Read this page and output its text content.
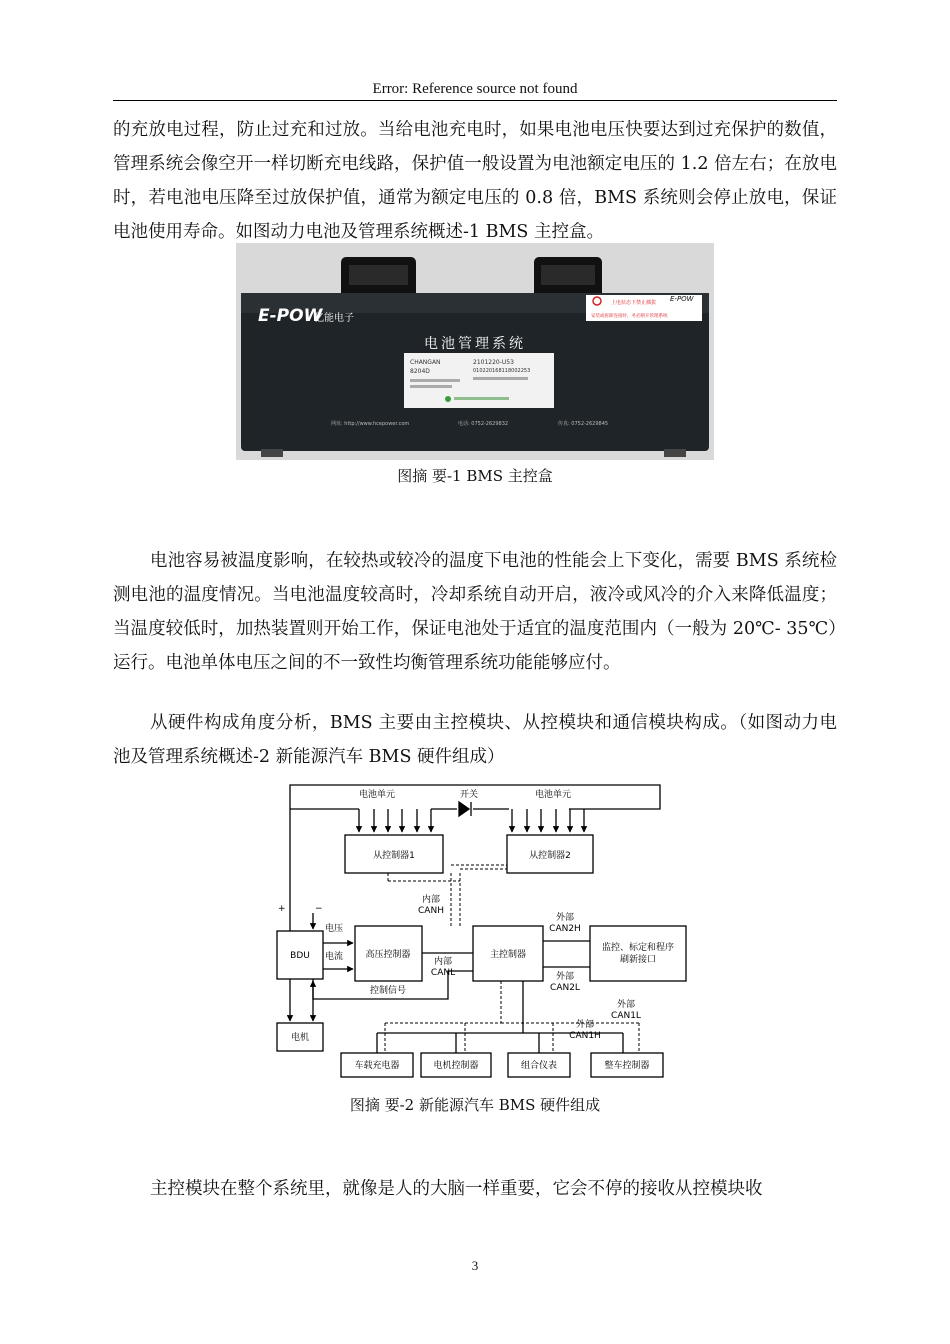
Error: Reference source not found

的充放电过程，防止过充和过放。当给电池充电时，如果电池电压快要达到过充保护的数值，管理系统会像空开一样切断充电线路，保护值一般设置为电池额定电压的 1.2 倍左右；在放电时，若电池电压降至过放保护值，通常为额定电压的 0.8 倍，BMS 系统则会停止放电，保证电池使用寿命。如图动力电池及管理系统概述-1 BMS 主控盒。

E-POW
亿能电子
上电状态下禁止插拔
安装或拆卸连接时，务必断开管理系统
E-POW
电池管理系统
CHANGAN
8204D
2101220-U53
010220168118002253
网址: http://www.hcepower.com	电话: 0752-2629832	传真: 0752-2629845
图摘 要-1 BMS 主控盒

电池容易被温度影响，在较热或较冷的温度下电池的性能会上下变化，需要 BMS 系统检测电池的温度情况。当电池温度较高时，冷却系统自动开启，液冷或风冷的介入来降低温度；当温度较低时，加热装置则开始工作，保证电池处于适宜的温度范围内（一般为 20℃- 35℃）运行。电池单体电压之间的不一致性均衡管理系统功能能够应付。

从硬件构成角度分析，BMS 主要由主控模块、从控模块和通信模块构成。（如图动力电池及管理系统概述-2 新能源汽车 BMS 硬件组成）

电池单元	开关	电池单元
从控制器1	从控制器2
内部
CANH
+	−
电压
电流
BDU	高压控制器
内部
CANL
主控制器
外部
CAN2H
外部
CAN2L
监控、标定和程序
刷新接口
控制信号
外部
CAN1L
外部
CAN1H
电机
车载充电器	电机控制器	组合仪表	整车控制器
图摘 要-2 新能源汽车 BMS 硬件组成

主控模块在整个系统里，就像是人的大脑一样重要，它会不停的接收从控模块收

3
